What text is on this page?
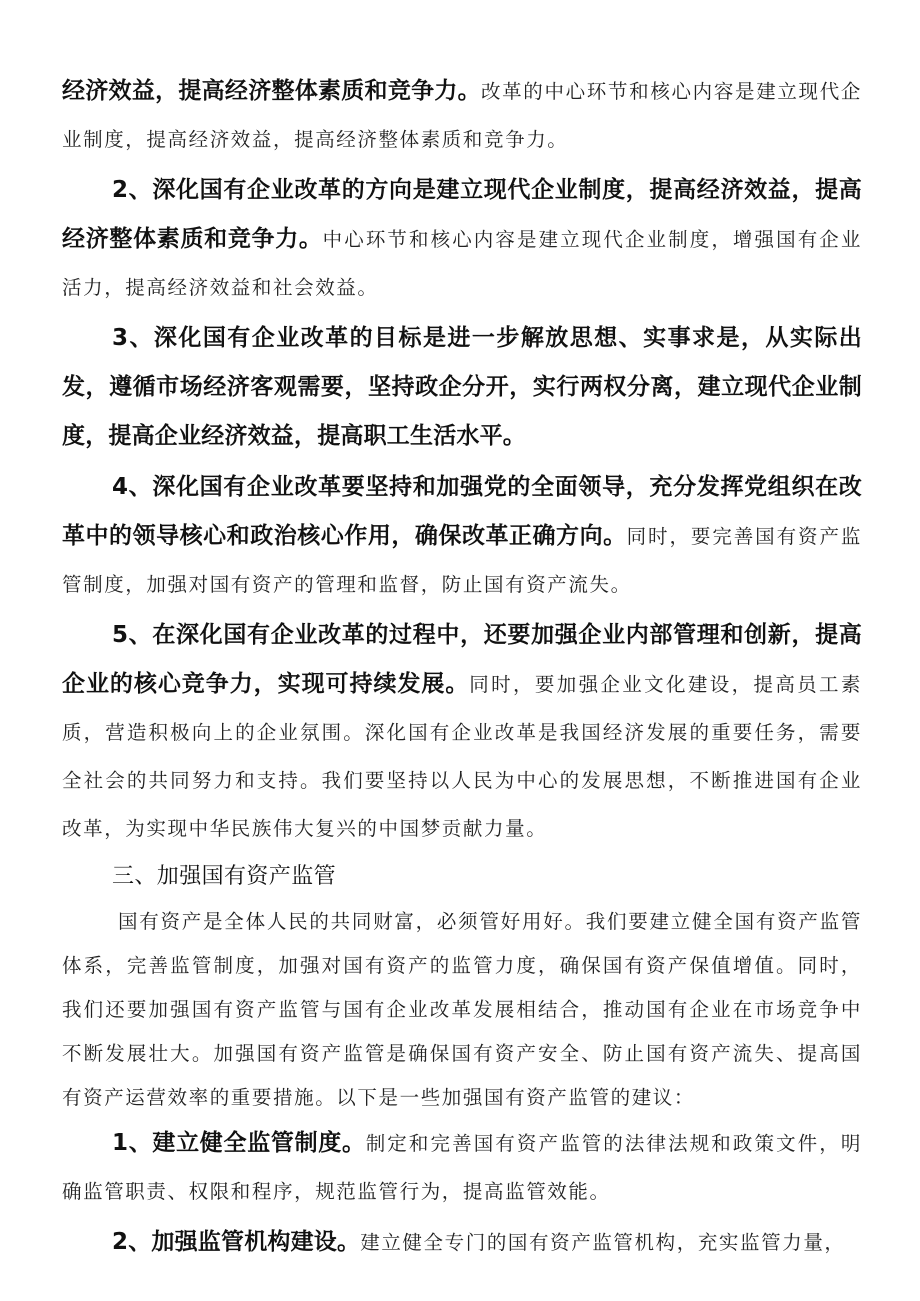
经济效益，提高经济整体素质和竞争力。改革的中心环节和核心内容是建立现代企业制度，提高经济效益，提高经济整体素质和竞争力。

2、深化国有企业改革的方向是建立现代企业制度，提高经济效益，提高经济整体素质和竞争力。中心环节和核心内容是建立现代企业制度，增强国有企业活力，提高经济效益和社会效益。

3、深化国有企业改革的目标是进一步解放思想、实事求是，从实际出发，遵循市场经济客观需要，坚持政企分开，实行两权分离，建立现代企业制度，提高企业经济效益，提高职工生活水平。

4、深化国有企业改革要坚持和加强党的全面领导，充分发挥党组织在改革中的领导核心和政治核心作用，确保改革正确方向。同时，要完善国有资产监管制度，加强对国有资产的管理和监督，防止国有资产流失。

5、在深化国有企业改革的过程中，还要加强企业内部管理和创新，提高企业的核心竞争力，实现可持续发展。同时，要加强企业文化建设，提高员工素质，营造积极向上的企业氛围。深化国有企业改革是我国经济发展的重要任务，需要全社会的共同努力和支持。我们要坚持以人民为中心的发展思想，不断推进国有企业改革，为实现中华民族伟大复兴的中国梦贡献力量。

三、加强国有资产监管

国有资产是全体人民的共同财富，必须管好用好。我们要建立健全国有资产监管体系，完善监管制度，加强对国有资产的监管力度，确保国有资产保值增值。同时，我们还要加强国有资产监管与国有企业改革发展相结合，推动国有企业在市场竞争中不断发展壮大。加强国有资产监管是确保国有资产安全、防止国有资产流失、提高国有资产运营效率的重要措施。以下是一些加强国有资产监管的建议：

1、建立健全监管制度。制定和完善国有资产监管的法律法规和政策文件，明确监管职责、权限和程序，规范监管行为，提高监管效能。

2、加强监管机构建设。建立健全专门的国有资产监管机构，充实监管力量，
